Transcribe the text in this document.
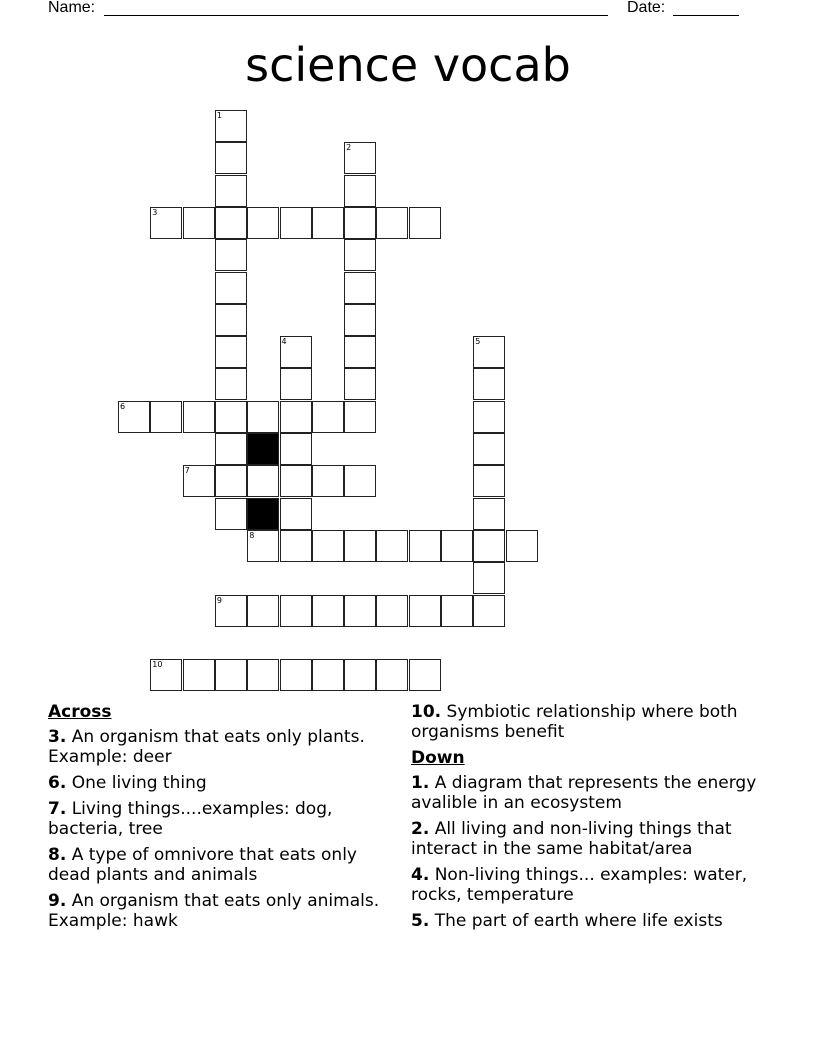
Name:	Date:
science vocab
1
2
3
4	5
6
7
8
9
10
Across
3. An organism that eats only plants. Example: deer
6. One living thing
7. Living things....examples: dog, bacteria, tree
8. A type of omnivore that eats only dead plants and animals
9. An organism that eats only animals. Example: hawk
10. Symbiotic relationship where both organisms benefit
Down
1. A diagram that represents the energy avalible in an ecosystem
2. All living and non-living things that interact in the same habitat/area
4. Non-living things... examples: water, rocks, temperature
5. The part of earth where life exists
